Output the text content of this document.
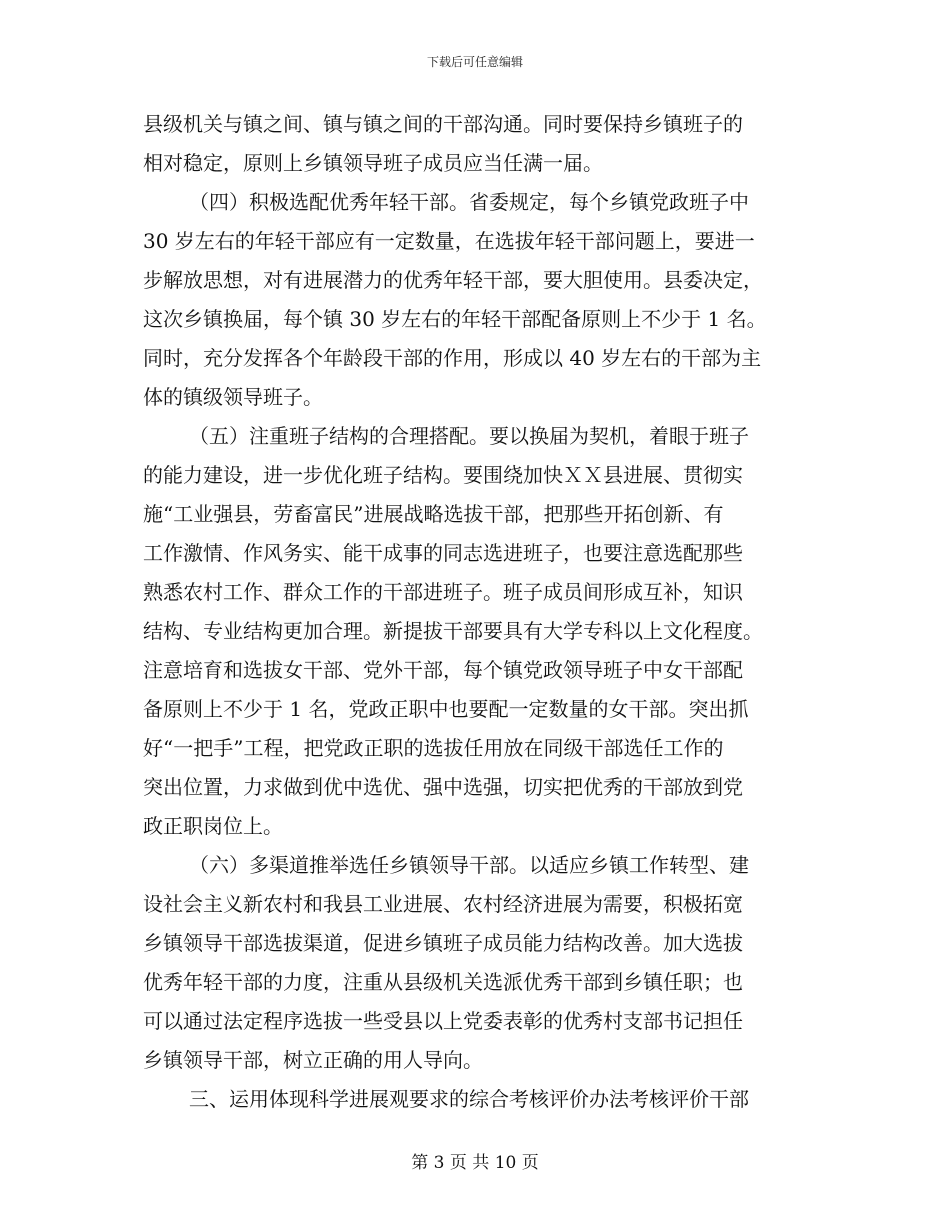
下载后可任意编辑
县级机关与镇之间、镇与镇之间的干部沟通。同时要保持乡镇班子的
相对稳定，原则上乡镇领导班子成员应当任满一届。
（四）积极选配优秀年轻干部。省委规定，每个乡镇党政班子中
30 岁左右的年轻干部应有一定数量，在选拔年轻干部问题上，要进一
步解放思想，对有进展潜力的优秀年轻干部，要大胆使用。县委决定，
这次乡镇换届，每个镇 30 岁左右的年轻干部配备原则上不少于 1 名。
同时，充分发挥各个年龄段干部的作用，形成以 40 岁左右的干部为主
体的镇级领导班子。
（五）注重班子结构的合理搭配。要以换届为契机，着眼于班子
的能力建设，进一步优化班子结构。要围绕加快ＸＸ县进展、贯彻实
施“工业强县，劳畜富民”进展战略选拔干部，把那些开拓创新、有
工作激情、作风务实、能干成事的同志选进班子，也要注意选配那些
熟悉农村工作、群众工作的干部进班子。班子成员间形成互补，知识
结构、专业结构更加合理。新提拔干部要具有大学专科以上文化程度。
注意培育和选拔女干部、党外干部，每个镇党政领导班子中女干部配
备原则上不少于 1 名，党政正职中也要配一定数量的女干部。突出抓
好“一把手”工程，把党政正职的选拔任用放在同级干部选任工作的
突出位置，力求做到优中选优、强中选强，切实把优秀的干部放到党
政正职岗位上。
（六）多渠道推举选任乡镇领导干部。以适应乡镇工作转型、建
设社会主义新农村和我县工业进展、农村经济进展为需要，积极拓宽
乡镇领导干部选拔渠道，促进乡镇班子成员能力结构改善。加大选拔
优秀年轻干部的力度，注重从县级机关选派优秀干部到乡镇任职；也
可以通过法定程序选拔一些受县以上党委表彰的优秀村支部书记担任
乡镇领导干部，树立正确的用人导向。
三、运用体现科学进展观要求的综合考核评价办法考核评价干部
第 3 页 共 10 页
